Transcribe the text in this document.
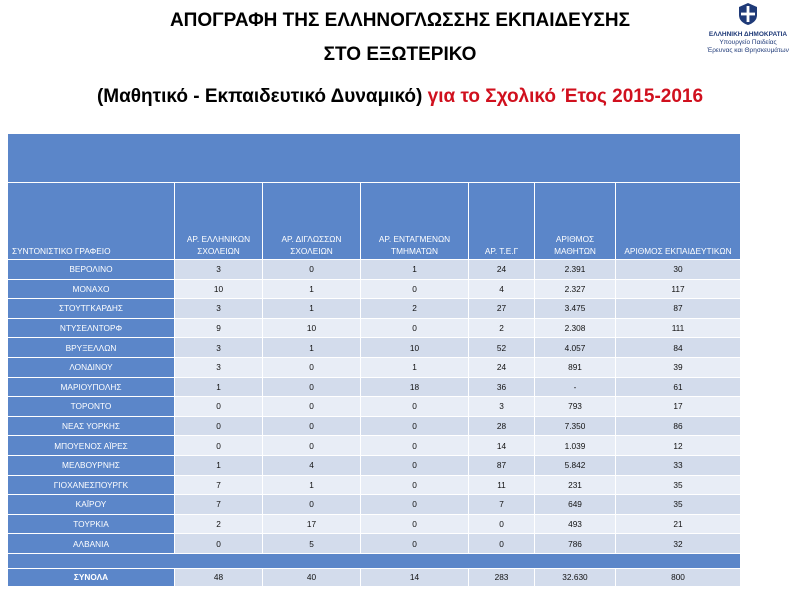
ΑΠΟΓΡΑΦΗ ΤΗΣ ΕΛΛΗΝΟΓΛΩΣΣΗΣ ΕΚΠΑΙΔΕΥΣΗΣ
ΣΤΟ ΕΞΩΤΕΡΙΚΟ
(Μαθητικό - Εκπαιδευτικό Δυναμικό) για το Σχολικό Έτος 2015-2016
ΕΛΛΗΝΙΚΗ ΔΗΜΟΚΡΑΤΙΑ
Υπουργείο Παιδείας
Έρευνας και Θρησκευμάτων

ΣΥΝΤΟΝΙΣΤΙΚΟ ΓΡΑΦΕΙΟ	ΑΡ. ΕΛΛΗΝΙΚΩΝ ΣΧΟΛΕΙΩΝ	ΑΡ. ΔΙΓΛΩΣΣΩΝ ΣΧΟΛΕΙΩΝ	ΑΡ. ΕΝΤΑΓΜΕΝΩΝ ΤΜΗΜΑΤΩΝ	ΑΡ. Τ.Ε.Γ	ΑΡΙΘΜΟΣ ΜΑΘΗΤΩΝ	ΑΡΙΘΜΟΣ ΕΚΠΑΙΔΕΥΤΙΚΩΝ
ΒΕΡΟΛΙΝΟ	3	0	1	24	2.391	30
ΜΟΝΑΧΟ	10	1	0	4	2.327	117
ΣΤΟΥΤΓΚΑΡΔΗΣ	3	1	2	27	3.475	87
ΝΤΥΣΕΛΝΤΟΡΦ	9	10	0	2	2.308	111
ΒΡΥΞΕΛΛΩΝ	3	1	10	52	4.057	84
ΛΟΝΔΙΝΟΥ	3	0	1	24	891	39
ΜΑΡΙΟΥΠΟΛΗΣ	1	0	18	36	-	61
ΤΟΡΟΝΤΟ	0	0	0	3	793	17
ΝΕΑΣ ΥΟΡΚΗΣ	0	0	0	28	7.350	86
ΜΠΟΥΕΝΟΣ ΑΪΡΕΣ	0	0	0	14	1.039	12
ΜΕΛΒΟΥΡΝΗΣ	1	4	0	87	5.842	33
ΓΙΟΧΑΝΕΣΠΟΥΡΓΚ	7	1	0	11	231	35
ΚΑΪΡΟΥ	7	0	0	7	649	35
ΤΟΥΡΚΙΑ	2	17	0	0	493	21
ΑΛΒΑΝΙΑ	0	5	0	0	786	32

ΣΥΝΟΛΑ	48	40	14	283	32.630	800
